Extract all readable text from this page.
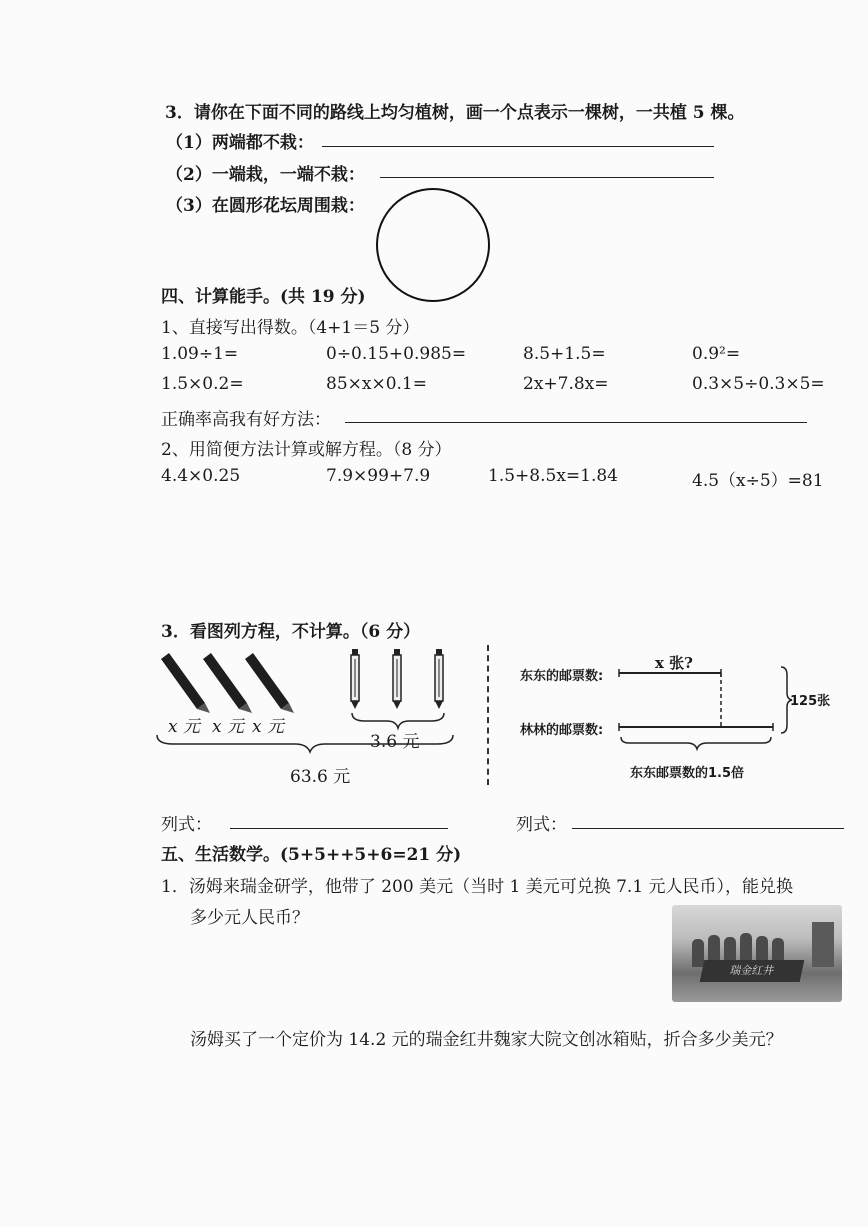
3．请你在下面不同的路线上均匀植树，画一个点表示一棵树，一共植 5 棵。
（1）两端都不栽：
（2）一端栽，一端不栽：
（3）在圆形花坛周围栽：
四、计算能手。(共 19 分)
1、直接写出得数。（4+1＝5 分）
1.09÷1=	0÷0.15+0.985=	8.5+1.5=	0.9²=
1.5×0.2=	85×x×0.1=	2x+7.8x=	0.3×5÷0.3×5=
正确率高我有好方法：
2、用简便方法计算或解方程。（8 分）
4.4×0.25	7.9×99+7.9	1.5+8.5x=1.84	4.5（x÷5）=81
3．看图列方程，不计算。（6 分）
x 元 x 元 x 元
3.6 元
63.6 元
东东的邮票数:
x 张?
林林的邮票数:
125张
东东邮票数的1.5倍
列式：	列式：
五、生活数学。(5+5++5+6=21 分)
1．汤姆来瑞金研学，他带了 200 美元（当时 1 美元可兑换 7.1 元人民币），能兑换
多少元人民币？
瑞金红井
汤姆买了一个定价为 14.2 元的瑞金红井魏家大院文创冰箱贴，折合多少美元？
